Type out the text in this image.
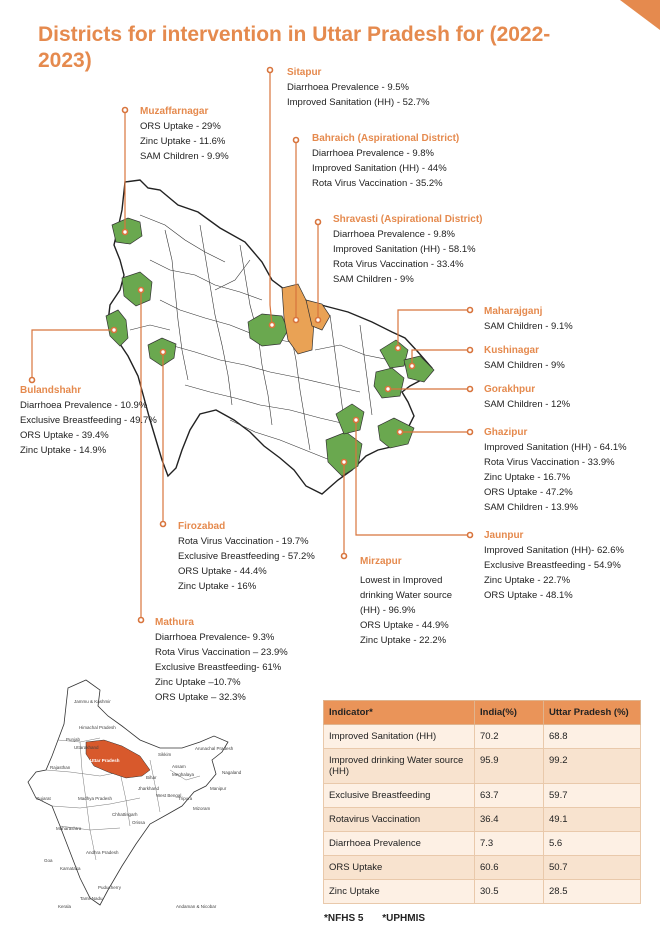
Districts for intervention in Uttar Pradesh for (2022-2023)
Jammu & Kashmir
Himachal Pradesh
Punjab
Uttarakhand
Uttar Pradesh
Rajasthan
Sikkim
Arunachal Pradesh
Assam
Bihar
Meghalaya	Nagaland
Manipur
Jharkhand
Madhya Pradesh
Gujarat
West Bengal
Tripura
Mizoram
Chhattisgarh
Maharashtra
Orissa
Andhra Pradesh
Goa
Karnataka
Puducherry
Tamil Nadu
Kerala	Andaman & Nicobar
Muzaffarnagar
ORS Uptake - 29%
Zinc Uptake - 11.6%
SAM Children - 9.9%
Sitapur
Diarrhoea Prevalence - 9.5%
Improved Sanitation (HH) - 52.7%
Bahraich (Aspirational District)
Diarrhoea Prevalence - 9.8%
Improved Sanitation (HH) - 44%
Rota Virus Vaccination - 35.2%
Shravasti (Aspirational District)
Diarrhoea Prevalence - 9.8%
Improved Sanitation (HH) - 58.1%
Rota Virus Vaccination - 33.4%
SAM Children - 9%
Maharajganj
SAM Children - 9.1%
Kushinagar
SAM Children - 9%
Gorakhpur
SAM Children - 12%
Ghazipur
Improved Sanitation (HH) - 64.1%
Rota Virus Vaccination - 33.9%
Zinc Uptake - 16.7%
ORS Uptake - 47.2%
SAM Children - 13.9%
Jaunpur
Improved Sanitation (HH)- 62.6%
Exclusive Breastfeeding - 54.9%
Zinc Uptake - 22.7%
ORS Uptake - 48.1%
Mirzapur
Lowest in Improved
drinking Water source
(HH) - 96.9%
ORS Uptake - 44.9%
Zinc Uptake - 22.2%
Firozabad
Rota Virus Vaccination - 19.7%
Exclusive Breastfeeding - 57.2%
ORS Uptake - 44.4%
Zinc Uptake - 16%
Mathura
Diarrhoea Prevalence- 9.3%
Rota Virus Vaccination – 23.9%
Exclusive Breastfeeding- 61%
Zinc Uptake –10.7%
ORS Uptake – 32.3%
Bulandshahr
Diarrhoea Prevalence - 10.9%
Exclusive Breastfeeding - 49.7%
ORS Uptake - 39.4%
Zinc Uptake - 14.9%
Indicator*	India(%)	Uttar Pradesh (%)
Improved Sanitation (HH)	70.2	68.8
Improved drinking Water source (HH)	95.9	99.2
Exclusive Breastfeeding	63.7	59.7
Rotavirus Vaccination	36.4	49.1
Diarrhoea Prevalence	7.3	5.6
ORS Uptake	60.6	50.7
Zinc Uptake	30.5	28.5
*NFHS 5 *UPHMIS
